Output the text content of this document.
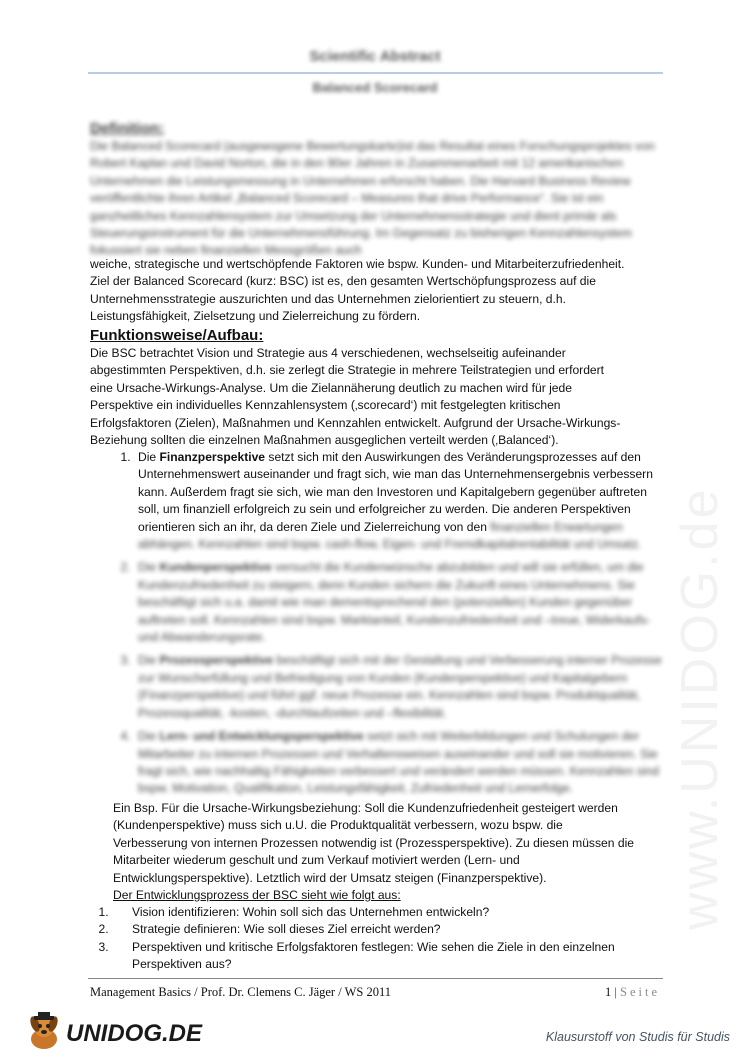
www.UNIDOG.de
Scientific Abstract
Balanced Scorecard
Definition:

Die Balanced Scorecard (ausgewogene Bewertungskarte)ist das Resultat eines Forschungsprojektes von Robert Kaplan und David Norton, die in den 90er Jahren in Zusammenarbeit mit 12 amerikanischen Unternehmen die Leistungsmessung in Unternehmen erforscht haben. Die Harvard Business Review veröffentlichte ihren Artikel „Balanced Scorecard – Measures that drive Performance“. Sie ist ein ganzheitliches Kennzahlensystem zur Umsetzung der Unternehmensstrategie und dient primär als Steuerungsinstrument für die Unternehmensführung. Im Gegensatz zu bisherigen Kennzahlensystem fokussiert sie neben finanziellen Messgrößen auch

weiche, strategische und wertschöpfende Faktoren wie bspw. Kunden- und Mitarbeiterzufriedenheit.

Ziel der Balanced Scorecard (kurz: BSC) ist es, den gesamten Wertschöpfungsprozess auf die

Unternehmensstrategie auszurichten und das Unternehmen zielorientiert zu steuern, d.h.

Leistungsfähigkeit, Zielsetzung und Zielerreichung zu fördern.

Funktionsweise/Aufbau:

Die BSC betrachtet Vision und Strategie aus 4 verschiedenen, wechselseitig aufeinander

abgestimmten Perspektiven, d.h. sie zerlegt die Strategie in mehrere Teilstrategien und erfordert

eine Ursache-Wirkungs-Analyse. Um die Zielannäherung deutlich zu machen wird für jede

Perspektive ein individuelles Kennzahlensystem (‚scorecard‘) mit festgelegten kritischen

Erfolgsfaktoren (Zielen), Maßnahmen und Kennzahlen entwickelt. Aufgrund der Ursache-Wirkungs-

Beziehung sollten die einzelnen Maßnahmen ausgeglichen verteilt werden (‚Balanced‘).

1. Die Finanzperspektive setzt sich mit den Auswirkungen des Veränderungsprozesses auf den Unternehmenswert auseinander und fragt sich, wie man das Unternehmensergebnis verbessern kann. Außerdem fragt sie sich, wie man den Investoren und Kapitalgebern gegenüber auftreten soll, um finanziell erfolgreich zu sein und erfolgreicher zu werden. Die anderen Perspektiven orientieren sich an ihr, da deren Ziele und Zielerreichung von den finanziellen Erwartungen abhängen. Kennzahlen sind bspw. cash-flow, Eigen- und Fremdkapitalrentabilität und Umsatz.
2. Die Kundenperspektive versucht die Kundenwünsche abzubilden und will sie erfüllen, um die Kundenzufriedenheit zu steigern, denn Kunden sichern die Zukunft eines Unternehmens. Sie beschäftigt sich u.a. damit wie man dementsprechend den (potenziellen) Kunden gegenüber auftreten soll. Kennzahlen sind bspw. Marktanteil, Kundenzufriedenheit und –treue, Widerkaufs- und Abwanderungsrate.
3. Die Prozessperspektive beschäftigt sich mit der Gestaltung und Verbesserung interner Prozesse zur Wunscherfüllung und Befriedigung von Kunden (Kundenperspektive) und Kapitalgebern (Finanzperspektive) und führt ggf. neue Prozesse ein. Kennzahlen sind bspw. Produktqualität, Prozessqualität, -kosten, -durchlaufzeiten und –flexibilität.
4. Die Lern- und Entwicklungsperspektive setzt sich mit Weiterbildungen und Schulungen der Mitarbeiter zu internen Prozessen und Verhaltensweisen auseinander und soll sie motivieren. Sie fragt sich, wie nachhaltig Fähigkeiten verbessert und verändert werden müssen. Kennzahlen sind bspw. Motivation, Qualifikation, Leistungsfähigkeit, Zufriedenheit und Lernerfolge.

Ein Bsp. Für die Ursache-Wirkungsbeziehung: Soll die Kundenzufriedenheit gesteigert werden

(Kundenperspektive) muss sich u.U. die Produktqualität verbessern, wozu bspw. die

Verbesserung von internen Prozessen notwendig ist (Prozessperspektive). Zu diesen müssen die

Mitarbeiter wiederum geschult und zum Verkauf motiviert werden (Lern- und

Entwicklungsperspektive). Letztlich wird der Umsatz steigen (Finanzperspektive).

Der Entwicklungsprozess der BSC sieht wie folgt aus:

1. Vision identifizieren: Wohin soll sich das Unternehmen entwickeln?
2. Strategie definieren: Wie soll dieses Ziel erreicht werden?
3. Perspektiven und kritische Erfolgsfaktoren festlegen: Wie sehen die Ziele in den einzelnen Perspektiven aus?
Management Basics / Prof. Dr. Clemens C. Jäger / WS 2011	1 | Seite
UNIDOG.DE	Klausurstoff von Studis für Studis
